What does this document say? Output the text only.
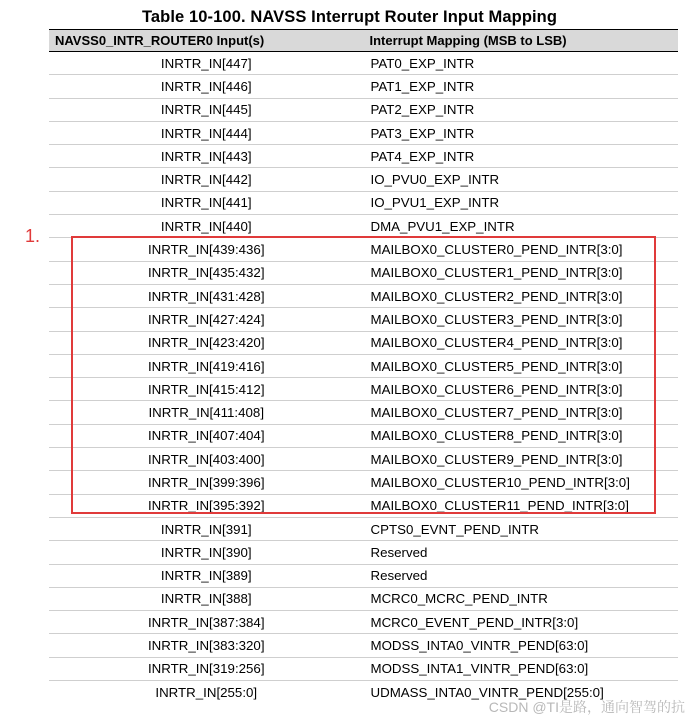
Table 10-100. NAVSS Interrupt Router Input Mapping
NAVSS0_INTR_ROUTER0 Input(s)	Interrupt Mapping (MSB to LSB)
INRTR_IN[447]	PAT0_EXP_INTR
INRTR_IN[446]	PAT1_EXP_INTR
INRTR_IN[445]	PAT2_EXP_INTR
INRTR_IN[444]	PAT3_EXP_INTR
INRTR_IN[443]	PAT4_EXP_INTR
INRTR_IN[442]	IO_PVU0_EXP_INTR
INRTR_IN[441]	IO_PVU1_EXP_INTR
INRTR_IN[440]	DMA_PVU1_EXP_INTR
INRTR_IN[439:436]	MAILBOX0_CLUSTER0_PEND_INTR[3:0]
INRTR_IN[435:432]	MAILBOX0_CLUSTER1_PEND_INTR[3:0]
INRTR_IN[431:428]	MAILBOX0_CLUSTER2_PEND_INTR[3:0]
INRTR_IN[427:424]	MAILBOX0_CLUSTER3_PEND_INTR[3:0]
INRTR_IN[423:420]	MAILBOX0_CLUSTER4_PEND_INTR[3:0]
INRTR_IN[419:416]	MAILBOX0_CLUSTER5_PEND_INTR[3:0]
INRTR_IN[415:412]	MAILBOX0_CLUSTER6_PEND_INTR[3:0]
INRTR_IN[411:408]	MAILBOX0_CLUSTER7_PEND_INTR[3:0]
INRTR_IN[407:404]	MAILBOX0_CLUSTER8_PEND_INTR[3:0]
INRTR_IN[403:400]	MAILBOX0_CLUSTER9_PEND_INTR[3:0]
INRTR_IN[399:396]	MAILBOX0_CLUSTER10_PEND_INTR[3:0]
INRTR_IN[395:392]	MAILBOX0_CLUSTER11_PEND_INTR[3:0]
INRTR_IN[391]	CPTS0_EVNT_PEND_INTR
INRTR_IN[390]	Reserved
INRTR_IN[389]	Reserved
INRTR_IN[388]	MCRC0_MCRC_PEND_INTR
INRTR_IN[387:384]	MCRC0_EVENT_PEND_INTR[3:0]
INRTR_IN[383:320]	MODSS_INTA0_VINTR_PEND[63:0]
INRTR_IN[319:256]	MODSS_INTA1_VINTR_PEND[63:0]
INRTR_IN[255:0]	UDMASS_INTA0_VINTR_PEND[255:0]
1.
CSDN @TI是路，通向智驾的抗
